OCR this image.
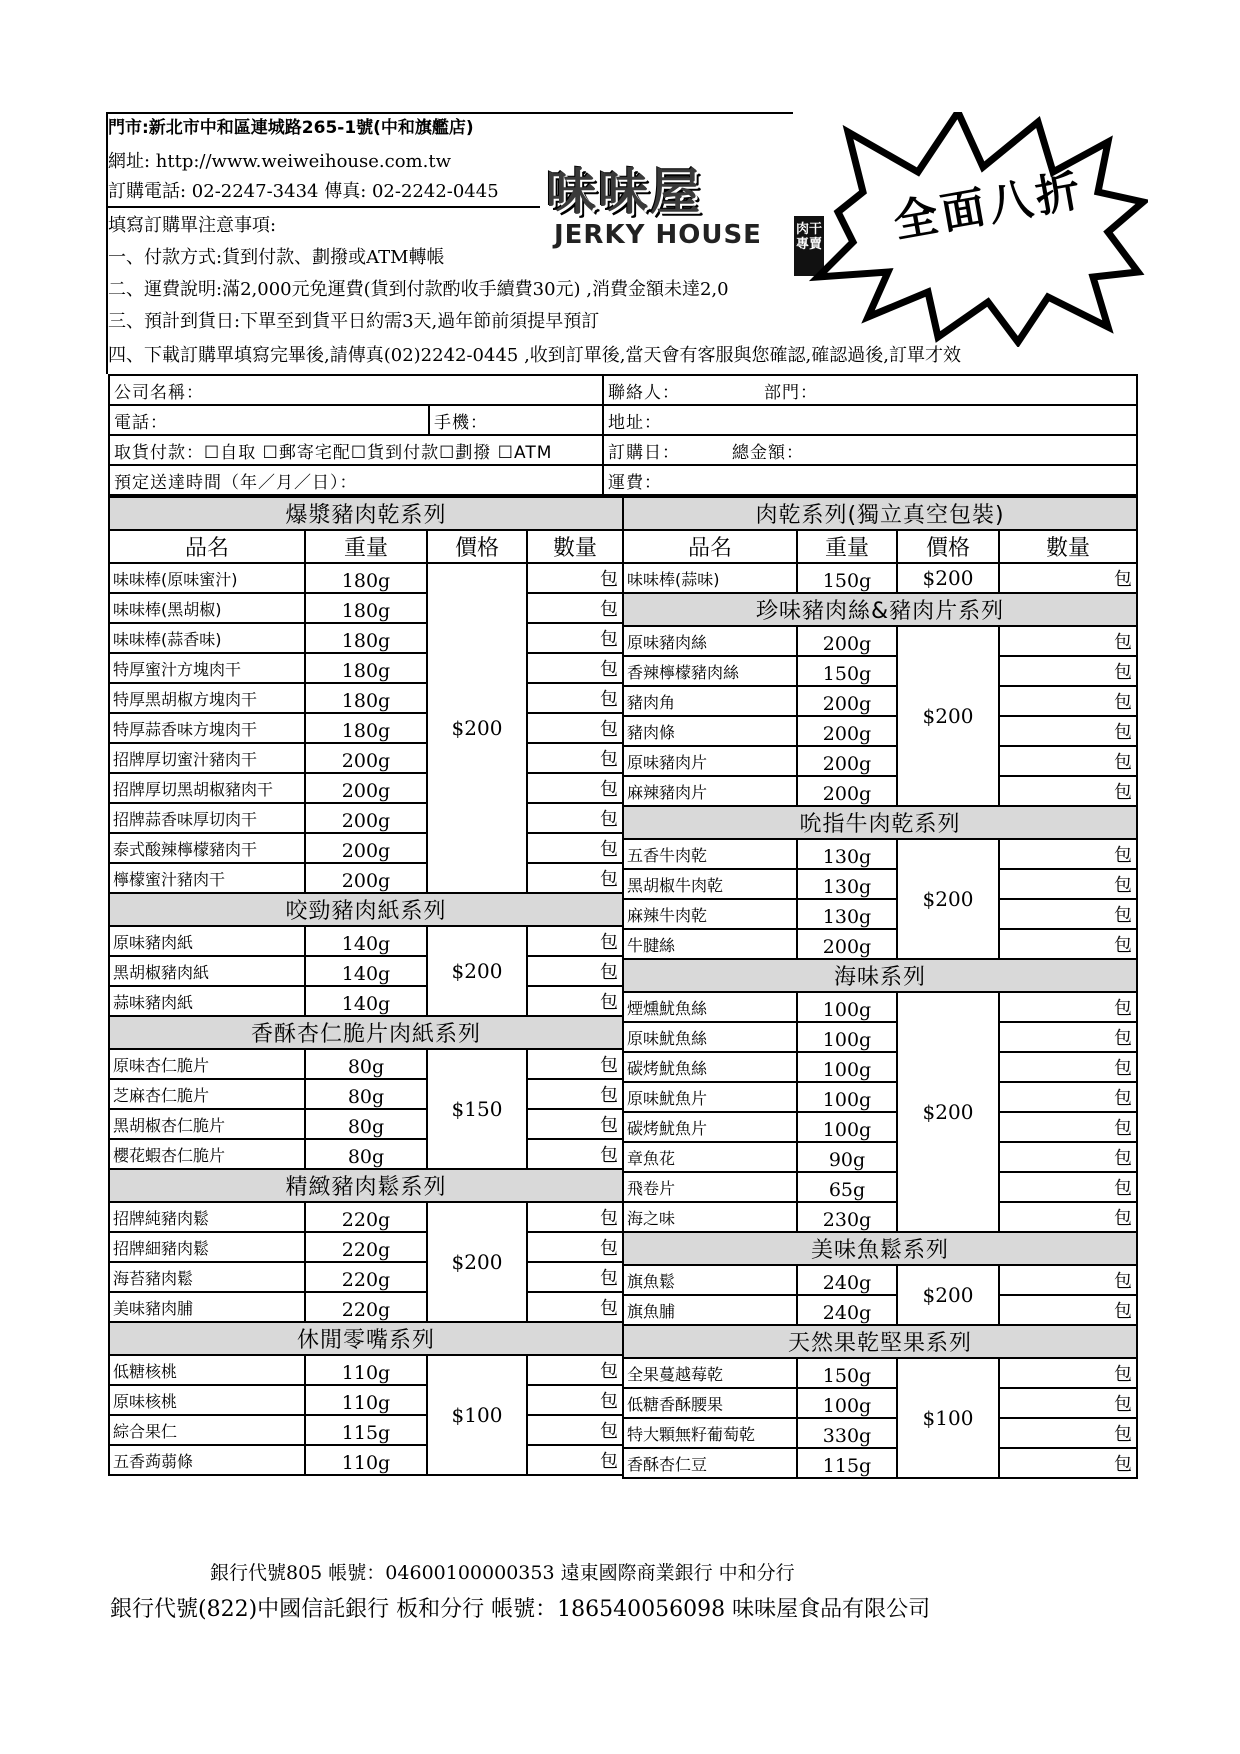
門市:新北市中和區連城路265-1號(中和旗艦店)
網址: http://www.weiweihouse.com.tw
訂購電話: 02-2247-3434 傳真: 02-2242-0445
填寫訂購單注意事項:
一、付款方式:貨到付款、劃撥或ATM轉帳
二、運費說明:滿2,000元免運費(貨到付款酌收手續費30元) ,消費金額未達2,0
三、預計到貨日:下單至到貨平日約需3天,過年節前須提早預訂
四、下載訂購單填寫完畢後,請傳真(02)2242-0445 ,收到訂單後,當天會有客服與您確認,確認過後,訂單才效
味味屋
JERKY HOUSE	肉干專賣	全面八折
公司名稱：		聯絡人： 部門：
電話：	手機：	地址：
取貨付款：☐自取 ☐郵寄宅配☐貨到付款☐劃撥 ☐ATM		訂購日： 總金額：
預定送達時間（年／月／日）：		運費：
爆漿豬肉乾系列			
品名	重量	價格	數量
味味棒(原味蜜汁)	180g	$200	包
味味棒(黑胡椒)	180g		包
味味棒(蒜香味)	180g		包
特厚蜜汁方塊肉干	180g		包
特厚黑胡椒方塊肉干	180g		包
特厚蒜香味方塊肉干	180g		包
招牌厚切蜜汁豬肉干	200g		包
招牌厚切黑胡椒豬肉干	200g		包
招牌蒜香味厚切肉干	200g		包
泰式酸辣檸檬豬肉干	200g		包
檸檬蜜汁豬肉干	200g		包
咬勁豬肉紙系列			
原味豬肉紙	140g	$200	包
黑胡椒豬肉紙	140g		包
蒜味豬肉紙	140g		包
香酥杏仁脆片肉紙系列			
原味杏仁脆片	80g	$150	包
芝麻杏仁脆片	80g		包
黑胡椒杏仁脆片	80g		包
櫻花蝦杏仁脆片	80g		包
精緻豬肉鬆系列			
招牌純豬肉鬆	220g	$200	包
招牌細豬肉鬆	220g		包
海苔豬肉鬆	220g		包
美味豬肉脯	220g		包
休閒零嘴系列			
低糖核桃	110g	$100	包
原味核桃	110g		包
綜合果仁	115g		包
五香蒟蒻條	110g		包
肉乾系列(獨立真空包裝)			
品名	重量	價格	數量
味味棒(蒜味)	150g	$200	包
珍味豬肉絲&豬肉片系列			
原味豬肉絲	200g	$200	包
香辣檸檬豬肉絲	150g		包
豬肉角	200g		包
豬肉條	200g		包
原味豬肉片	200g		包
麻辣豬肉片	200g		包
吮指牛肉乾系列			
五香牛肉乾	130g	$200	包
黑胡椒牛肉乾	130g		包
麻辣牛肉乾	130g		包
牛腱絲	200g		包
海味系列			
煙燻魷魚絲	100g	$200	包
原味魷魚絲	100g		包
碳烤魷魚絲	100g		包
原味魷魚片	100g		包
碳烤魷魚片	100g		包
章魚花	90g		包
飛卷片	65g		包
海之味	230g		包
美味魚鬆系列			
旗魚鬆	240g	$200	包
旗魚脯	240g		包
天然果乾堅果系列			
全果蔓越莓乾	150g	$100	包
低糖香酥腰果	100g		包
特大顆無籽葡萄乾	330g		包
香酥杏仁豆	115g		包
銀行代號805 帳號：04600100000353 遠東國際商業銀行 中和分行
銀行代號(822)中國信託銀行 板和分行 帳號：186540056098 味味屋食品有限公司
